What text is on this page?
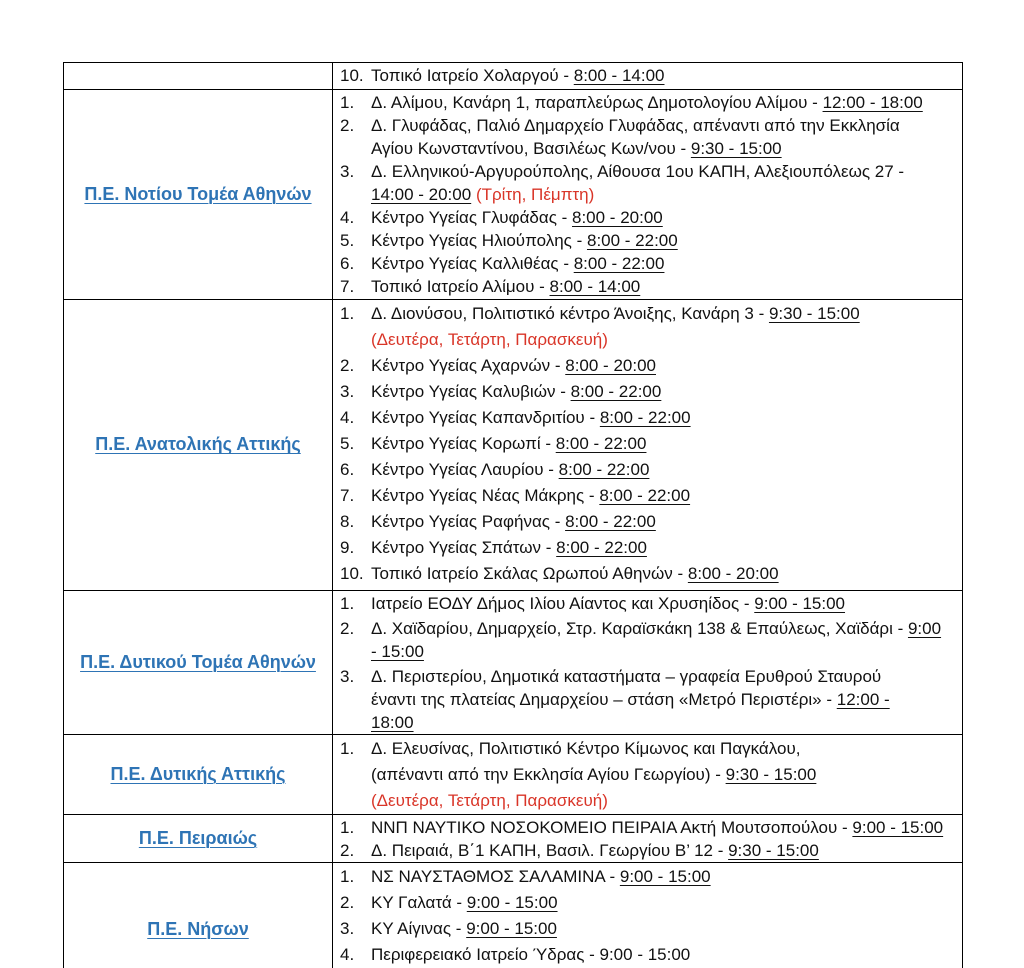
10. Τοπικό Ιατρείο Χολαργού - 8:00 - 14:00
Π.Ε. Νοτίου Τομέα Αθηνών
1. Δ. Αλίμου, Κανάρη 1, παραπλεύρως Δημοτολογίου Αλίμου - 12:00 - 18:00
2. Δ. Γλυφάδας, Παλιό Δημαρχείο Γλυφάδας, απέναντι από την Εκκλησία
Αγίου Κωνσταντίνου, Βασιλέως Κων/νου - 9:30 - 15:00
3. Δ. Ελληνικού-Αργυρούπολης, Αίθουσα 1ου ΚΑΠΗ, Αλεξιουπόλεως 27 -
14:00 - 20:00 (Τρίτη, Πέμπτη)
4. Κέντρο Υγείας Γλυφάδας - 8:00 - 20:00
5. Κέντρο Υγείας Ηλιούπολης - 8:00 - 22:00
6. Κέντρο Υγείας Καλλιθέας - 8:00 - 22:00
7. Τοπικό Ιατρείο Αλίμου - 8:00 - 14:00
Π.Ε. Ανατολικής Αττικής
1. Δ. Διονύσου, Πολιτιστικό κέντρο Άνοιξης, Κανάρη 3 - 9:30 - 15:00
(Δευτέρα, Τετάρτη, Παρασκευή)
2. Κέντρο Υγείας Αχαρνών - 8:00 - 20:00
3. Κέντρο Υγείας Καλυβιών - 8:00 - 22:00
4. Κέντρο Υγείας Καπανδριτίου - 8:00 - 22:00
5. Κέντρο Υγείας Κορωπί - 8:00 - 22:00
6. Κέντρο Υγείας Λαυρίου - 8:00 - 22:00
7. Κέντρο Υγείας Νέας Μάκρης - 8:00 - 22:00
8. Κέντρο Υγείας Ραφήνας - 8:00 - 22:00
9. Κέντρο Υγείας Σπάτων - 8:00 - 22:00
10. Τοπικό Ιατρείο Σκάλας Ωρωπού Αθηνών - 8:00 - 20:00
Π.Ε. Δυτικού Τομέα Αθηνών
1. Ιατρείο ΕΟΔΥ Δήμος Ιλίου Αίαντος και Χρυσηίδος - 9:00 - 15:00
2. Δ. Χαϊδαρίου, Δημαρχείο, Στρ. Καραϊσκάκη 138 & Επαύλεως, Χαϊδάρι - 9:00
- 15:00
3. Δ. Περιστερίου, Δημοτικά καταστήματα – γραφεία Ερυθρού Σταυρού
έναντι της πλατείας Δημαρχείου – στάση «Μετρό Περιστέρι» - 12:00 -
18:00
Π.Ε. Δυτικής Αττικής
1. Δ. Ελευσίνας, Πολιτιστικό Κέντρο Κίμωνος και Παγκάλου,
(απέναντι από την Εκκλησία Αγίου Γεωργίου) - 9:30 - 15:00
(Δευτέρα, Τετάρτη, Παρασκευή)
Π.Ε. Πειραιώς
1. ΝΝΠ ΝΑΥΤΙΚΟ ΝΟΣΟΚΟΜΕΙΟ ΠΕΙΡΑΙΑ Ακτή Μουτσοπούλου - 9:00 - 15:00
2. Δ. Πειραιά, Β΄1 ΚΑΠΗ, Βασιλ. Γεωργίου Β’ 12 - 9:30 - 15:00
Π.Ε. Νήσων
1. ΝΣ ΝΑΥΣΤΑΘΜΟΣ ΣΑΛΑΜΙΝΑ - 9:00 - 15:00
2. ΚΥ Γαλατά - 9:00 - 15:00
3. ΚΥ Αίγινας - 9:00 - 15:00
4. Περιφερειακό Ιατρείο Ύδρας - 9:00 - 15:00
